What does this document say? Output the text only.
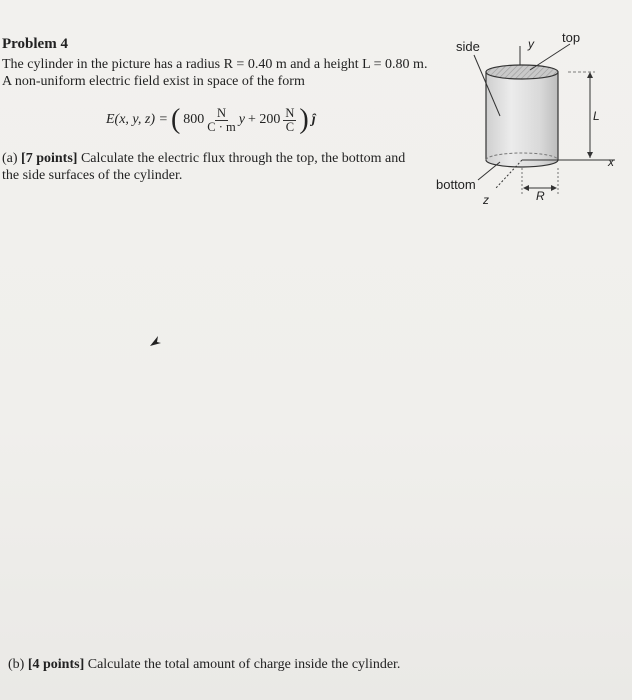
Problem 4
The cylinder in the picture has a radius R = 0.40 m and a height L = 0.80 m.
A non-uniform electric field exist in space of the form
E(x, y, z) = ( $800 \frac{N}{C \cdot m}$ $y + 200 \frac{N}{C}$ ) ĵ
(a) [7 points] Calculate the electric flux through the top, the bottom and the side surfaces of the cylinder.
side
top
bottom
y
x
z
L
R
(b) [4 points] Calculate the total amount of charge inside the cylinder.
